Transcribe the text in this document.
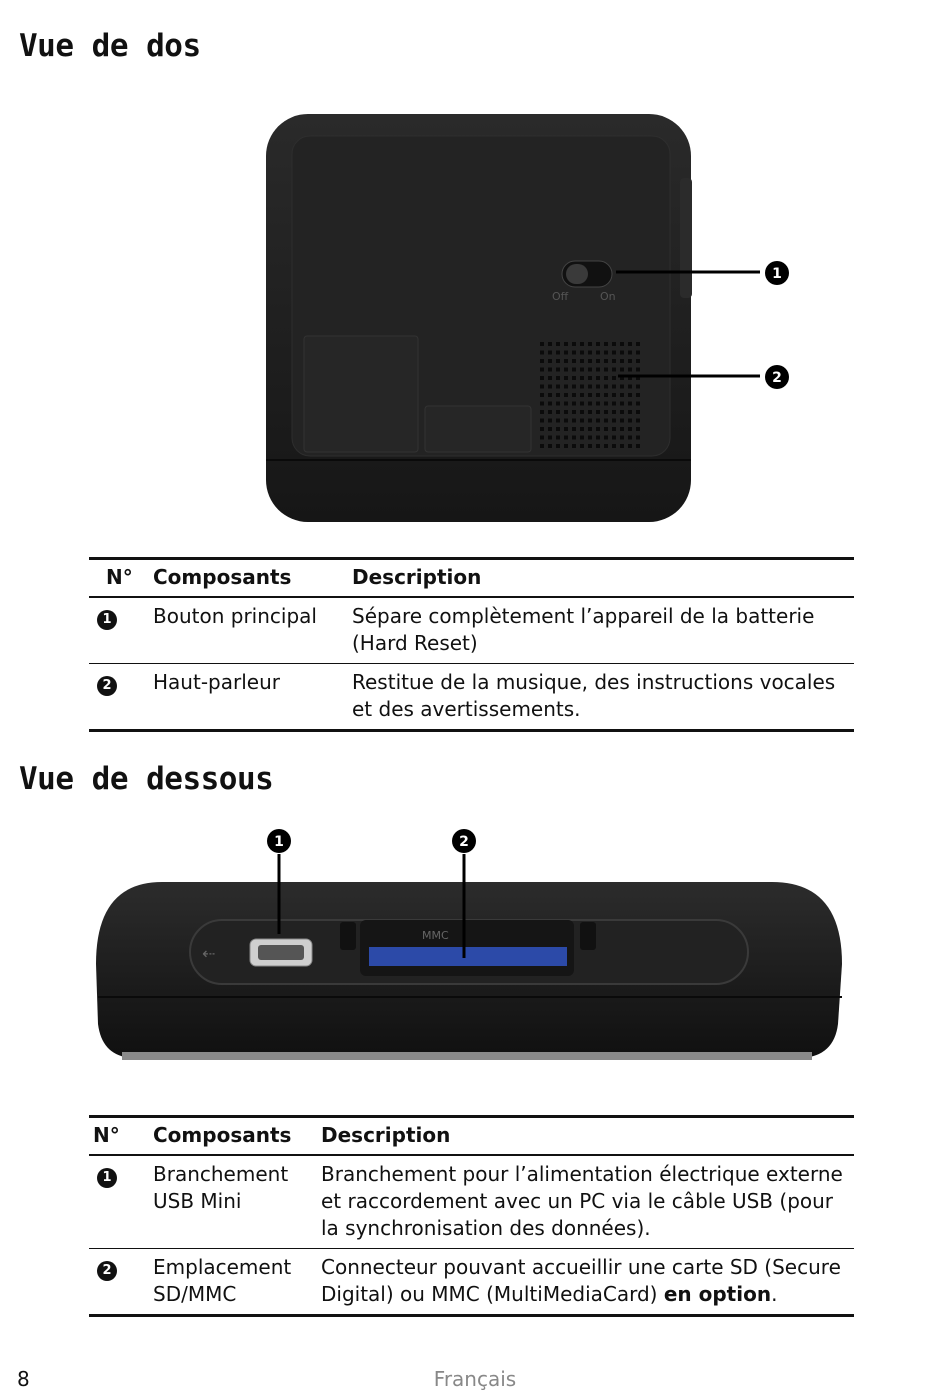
Vue de dos
Off	On
1
2
N°	Composants	Description
1	Bouton principal	Sépare complètement l’appareil de la batterie (Hard Reset)
2	Haut-parleur	Restitue de la musique, des instructions vocales et des avertissements.
Vue de dessous
⇠
MMC
1	2
N°	Composants	Description
1	Branchement USB Mini	Branchement pour l’alimentation électrique externe et raccordement avec un PC via le câble USB (pour la synchronisation des données).
2	Emplacement SD/MMC	Connecteur pouvant accueillir une carte SD (Secure Digital) ou MMC (MultiMediaCard) en option.
Français
8
